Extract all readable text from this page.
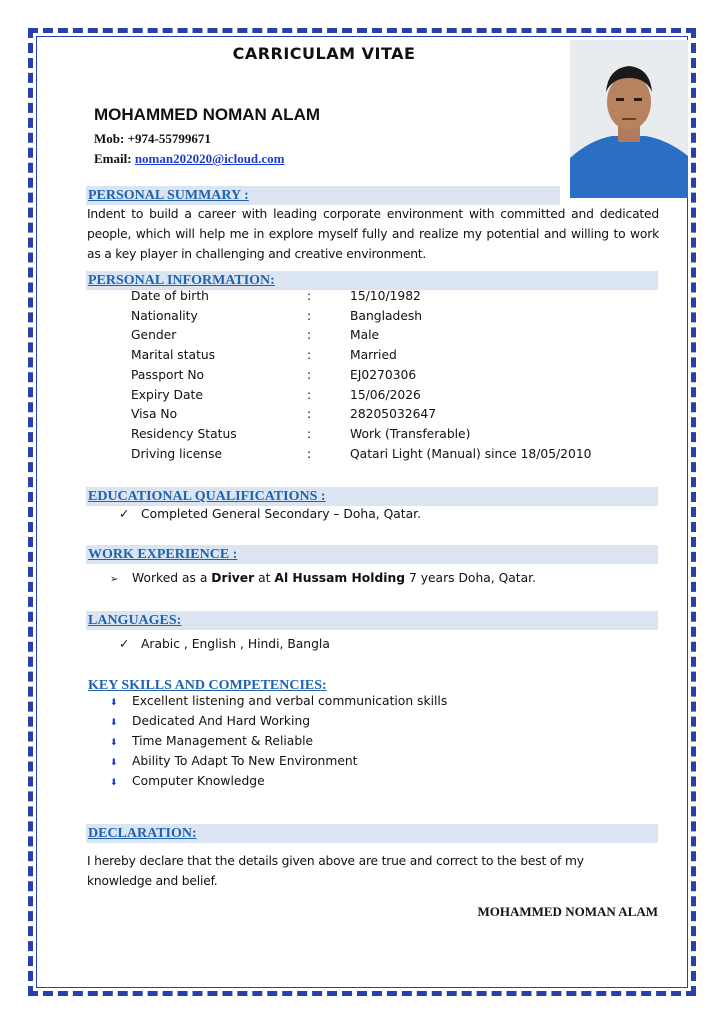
CARRICULAM VITAE
MOHAMMED NOMAN ALAM
Mob: +974-55799671
Email: noman202020@icloud.com
PERSONAL SUMMARY :
Indent to build a career with leading corporate environment with committed and dedicated people, which will help me in explore myself fully and realize my potential and willing to work as a key player in challenging and creative environment.
PERSONAL INFORMATION:
Date of birth	:	15/10/1982
Nationality	:	Bangladesh
Gender	:	Male
Marital status	:	Married
Passport No	:	EJ0270306
Expiry Date	:	15/06/2026
Visa No	:	28205032647
Residency Status	:	Work (Transferable)
Driving license	:	Qatari Light (Manual) since 18/05/2010
EDUCATIONAL QUALIFICATIONS :
✓ Completed General Secondary – Doha, Qatar.
WORK EXPERIENCE :
➢ Worked as a Driver at Al Hussam Holding 7 years Doha, Qatar.
LANGUAGES:
✓ Arabic , English , Hindi, Bangla
KEY SKILLS AND COMPETENCIES:
⬇ Excellent listening and verbal communication skills
⬇ Dedicated And Hard Working
⬇ Time Management & Reliable
⬇ Ability To Adapt To New Environment
⬇ Computer Knowledge
DECLARATION:
I hereby declare that the details given above are true and correct to the best of my knowledge and belief.
MOHAMMED NOMAN ALAM
